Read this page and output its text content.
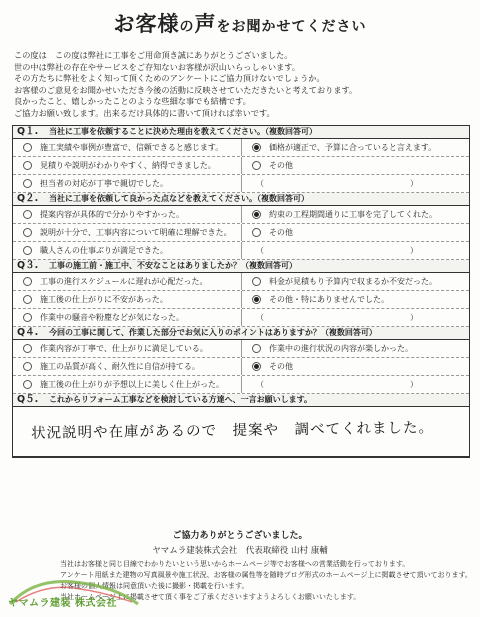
お客様の声をお聞かせてください
この度は　この度は弊社に工事をご用命頂き誠にありがとうございました。
世の中は弊社の存在やサービスをご存知ないお客様が沢山いらっしゃいます。
その方たちに弊社をよく知って頂くためのアンケートにご協力頂けないでしょうか。
お客様のご意見をお聞かせいただき今後の活動に反映させていただきたいと考えております。
良かったこと、嬉しかったことのような些細な事でも結構です。
ご協力お願い致します。出来るだけ具体的に書いて頂ければ幸いです。
Q１.	当社に工事を依頼することに決めた理由を教えてください。（複数回答可）
施工実績や事例が豊富で、信頼できると感じます。	価格が適正で、予算に合っていると言えます。
見積りや説明がわかりやすく、納得できました。	その他
担当者の対応が丁寧で親切でした。	（	）
Q２.	当社に工事を依頼して良かった点などを教えてください。（複数回答可）
提案内容が具体的で分かりやすかった。	約束の工程期間通りに工事を完了してくれた。
説明が十分で、工事内容について明確に理解できた。	その他
職人さんの仕事ぶりが満足できた。	（	）
Q３.	工事の施工前・施工中、不安なことはありましたか？（複数回答可）
工事の進行スケジュールに遅れが心配だった。	料金が見積もり予算内で収まるか不安だった。
施工後の仕上がりに不安があった。	その他・特にありませんでした。
作業中の騒音や粉塵などが気になった。	（	）
Q４.	今回の工事に関して、作業した部分でお気に入りのポイントはありますか？（複数回答可）
作業内容が丁寧で、仕上がりに満足している。	作業中の進行状況の内容が楽しかった。
施工の品質が高く、耐久性に自信が持てる。	その他
施工後の仕上がりが予想以上に美しく仕上がった。	（	）
Q５.	これからリフォーム工事などを検討している方達へ、一言お願いします。
状況説明や在庫があるので　提案や　調べてくれました。
ご協力ありがとうございました。
ヤマムラ建装株式会社　代表取締役 山村 康輔
当社はお客様と同じ目線でわかりたいという思いからホームページ等でお客様への営業活動を行っております。
アンケート用紙また建物の写真風景や施工状況、お客様の属性等を随時ブログ形式のホームページ上に掲載させて頂いております。
お客様の個人情報は同意頂いた後に撮影・掲載を行います。
当社ホームページ上に掲載させて頂く事をご了承くださいますようよろしくお願いいたします。
ヤマムラ建装 株式会社
